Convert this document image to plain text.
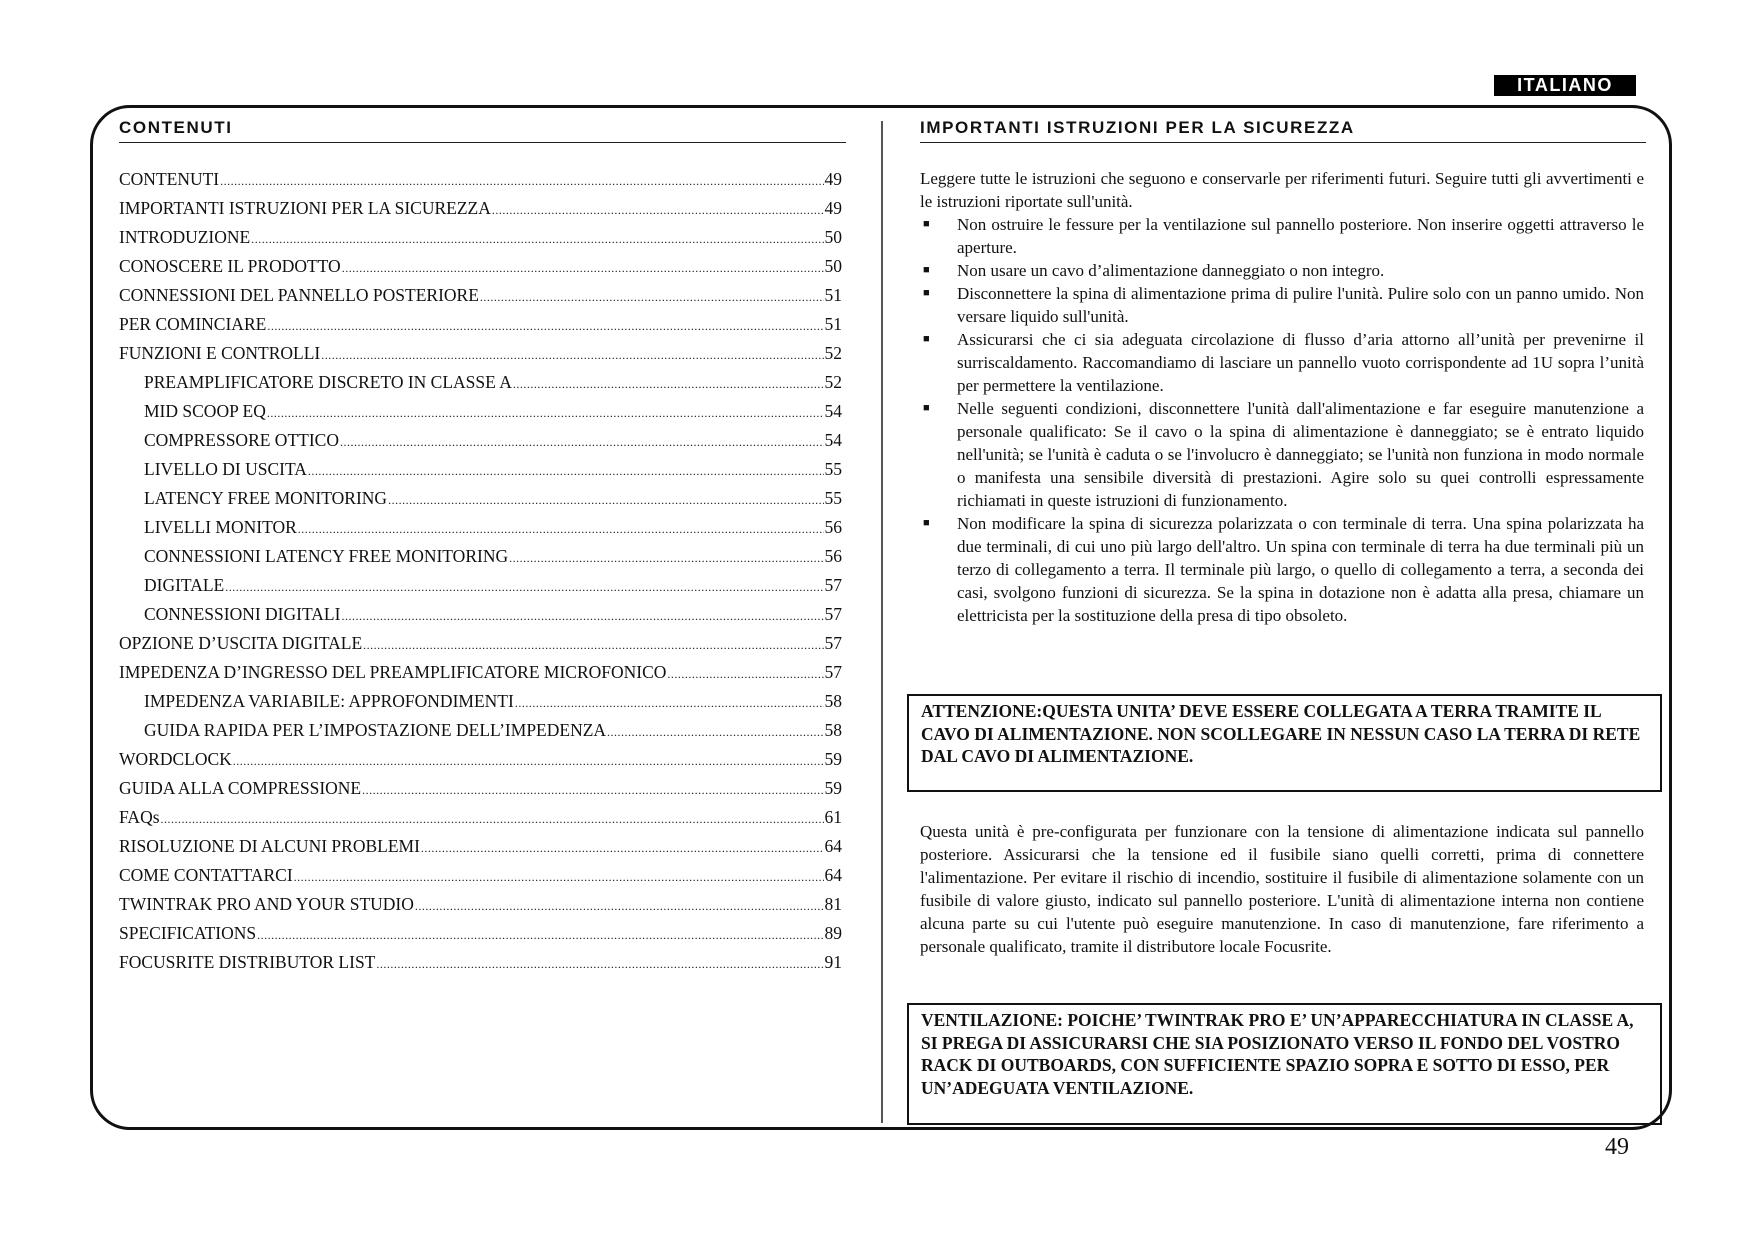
ITALIANO
CONTENUTI
CONTENUTI .....	49
IMPORTANTI ISTRUZIONI PER LA SICUREZZA .....	49
INTRODUZIONE .....	50
CONOSCERE IL PRODOTTO .....	50
CONNESSIONI DEL PANNELLO POSTERIORE .....	51
PER COMINCIARE .....	51
FUNZIONI E CONTROLLI .....	52
PREAMPLIFICATORE DISCRETO IN CLASSE A .....	52
MID SCOOP EQ .....	54
COMPRESSORE OTTICO .....	54
LIVELLO DI USCITA .....	55
LATENCY FREE MONITORING .....	55
LIVELLI MONITOR .....	56
CONNESSIONI LATENCY FREE MONITORING .....	56
DIGITALE .....	57
CONNESSIONI DIGITALI .....	57
OPZIONE D’USCITA DIGITALE .....	57
IMPEDENZA D’INGRESSO DEL PREAMPLIFICATORE MICROFONICO .....	57
IMPEDENZA VARIABILE: APPROFONDIMENTI .....	58
GUIDA RAPIDA PER L’IMPOSTAZIONE DELL’IMPEDENZA .....	58
WORDCLOCK .....	59
GUIDA ALLA COMPRESSIONE .....	59
FAQs .....	61
RISOLUZIONE DI ALCUNI PROBLEMI .....	64
COME CONTATTARCI .....	64
TWINTRAK PRO AND YOUR STUDIO .....	81
SPECIFICATIONS .....	89
FOCUSRITE DISTRIBUTOR LIST .....	91
IMPORTANTI ISTRUZIONI PER LA SICUREZZA

Leggere tutte le istruzioni che seguono e conservarle per riferimenti futuri. Seguire tutti gli avvertimenti e le istruzioni riportate sull'unità.

■ Non ostruire le fessure per la ventilazione sul pannello posteriore. Non inserire oggetti attraverso le aperture.
■ Non usare un cavo d’alimentazione danneggiato o non integro.
■ Disconnettere la spina di alimentazione prima di pulire l'unità. Pulire solo con un panno umido. Non versare liquido sull'unità.
■ Assicurarsi che ci sia adeguata circolazione di flusso d’aria attorno all’unità per prevenirne il surriscaldamento. Raccomandiamo di lasciare un pannello vuoto corrispondente ad 1U sopra l’unità per permettere la ventilazione.
■ Nelle seguenti condizioni, disconnettere l'unità dall'alimentazione e far eseguire manutenzione a personale qualificato: Se il cavo o la spina di alimentazione è danneggiato; se è entrato liquido nell'unità; se l'unità è caduta o se l'involucro è danneggiato; se l'unità non funziona in modo normale o manifesta una sensibile diversità di prestazioni. Agire solo su quei controlli espressamente richiamati in queste istruzioni di funzionamento.
■ Non modificare la spina di sicurezza polarizzata o con terminale di terra. Una spina polarizzata ha due terminali, di cui uno più largo dell'altro. Un spina con terminale di terra ha due terminali più un terzo di collegamento a terra. Il terminale più largo, o quello di collegamento a terra, a seconda dei casi, svolgono funzioni di sicurezza. Se la spina in dotazione non è adatta alla presa, chiamare un elettricista per la sostituzione della presa di tipo obsoleto.
ATTENZIONE:QUESTA UNITA’ DEVE ESSERE COLLEGATA A TERRA TRAMITE IL CAVO DI ALIMENTAZIONE. NON SCOLLEGARE IN NESSUN CASO LA TERRA DI RETE DAL CAVO DI ALIMENTAZIONE.
Questa unità è pre-configurata per funzionare con la tensione di alimentazione indicata sul pannello posteriore. Assicurarsi che la tensione ed il fusibile siano quelli corretti, prima di connettere l'alimentazione. Per evitare il rischio di incendio, sostituire il fusibile di alimentazione solamente con un fusibile di valore giusto, indicato sul pannello posteriore. L'unità di alimentazione interna non contiene alcuna parte su cui l'utente può eseguire manutenzione. In caso di manutenzione, fare riferimento a personale qualificato, tramite il distributore locale Focusrite.
VENTILAZIONE: POICHE’ TWINTRAK PRO E’ UN’APPARECCHIATURA IN CLASSE A, SI PREGA DI ASSICURARSI CHE SIA POSIZIONATO VERSO IL FONDO DEL VOSTRO RACK DI OUTBOARDS, CON SUFFICIENTE SPAZIO SOPRA E SOTTO DI ESSO, PER UN’ADEGUATA VENTILAZIONE.
49
